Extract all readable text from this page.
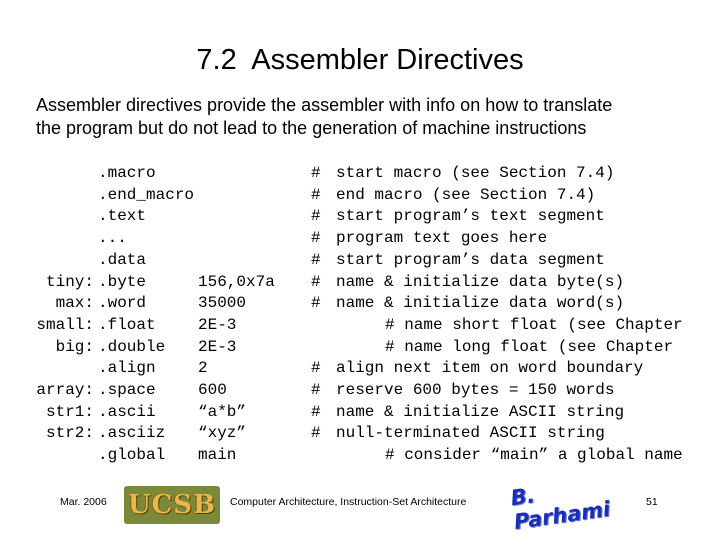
7.2  Assembler Directives
Assembler directives provide the assembler with info on how to translate
the program but do not lead to the generation of machine instructions
.macro	# start macro (see Section 7.4)
.end_macro	# end macro (see Section 7.4)
.text	# start program’s text segment
...	# program text goes here
.data	# start program’s data segment
tiny: .byte	156,0x7a # name & initialize data byte(s)
max: .word	35000	# name & initialize data word(s)
small: .float	2E-3	# name short float (see Chapter
big: .double 2E-3	# name long float (see Chapter
.align	2	# align next item on word boundary
array: .space	600	# reserve 600 bytes = 150 words
str1: .ascii	“a*b”	# name & initialize ASCII string
str2: .asciiz “xyz”	# null-terminated ASCII string
.global main	# consider “main” a global name
Mar. 2006 UCSB Computer Architecture, Instruction-Set Architecture B. Parhami	51
